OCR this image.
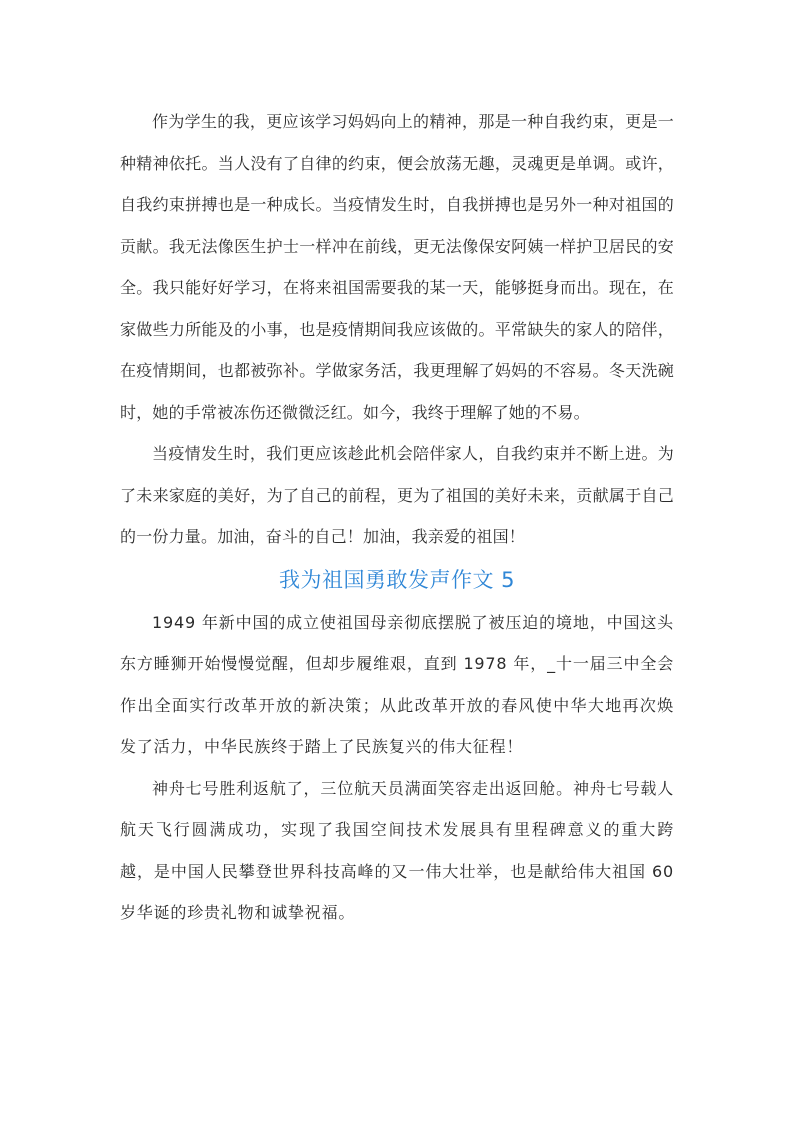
作为学生的我，更应该学习妈妈向上的精神，那是一种自我约束，更是一种精神依托。当人没有了自律的约束，便会放荡无趣，灵魂更是单调。或许，自我约束拼搏也是一种成长。当疫情发生时，自我拼搏也是另外一种对祖国的贡献。我无法像医生护士一样冲在前线，更无法像保安阿姨一样护卫居民的安全。我只能好好学习，在将来祖国需要我的某一天，能够挺身而出。现在，在家做些力所能及的小事，也是疫情期间我应该做的。平常缺失的家人的陪伴，在疫情期间，也都被弥补。学做家务活，我更理解了妈妈的不容易。冬天洗碗时，她的手常被冻伤还微微泛红。如今，我终于理解了她的不易。

当疫情发生时，我们更应该趁此机会陪伴家人，自我约束并不断上进。为了未来家庭的美好，为了自己的前程，更为了祖国的美好未来，贡献属于自己的一份力量。加油，奋斗的自己！加油，我亲爱的祖国！

我为祖国勇敢发声作文 5

1949 年新中国的成立使祖国母亲彻底摆脱了被压迫的境地，中国这头东方睡狮开始慢慢觉醒，但却步履维艰，直到 1978 年，_十一届三中全会作出全面实行改革开放的新决策；从此改革开放的春风使中华大地再次焕发了活力，中华民族终于踏上了民族复兴的伟大征程！

神舟七号胜利返航了，三位航天员满面笑容走出返回舱。神舟七号载人航天飞行圆满成功，实现了我国空间技术发展具有里程碑意义的重大跨越，是中国人民攀登世界科技高峰的又一伟大壮举，也是献给伟大祖国 60 岁华诞的珍贵礼物和诚挚祝福。
